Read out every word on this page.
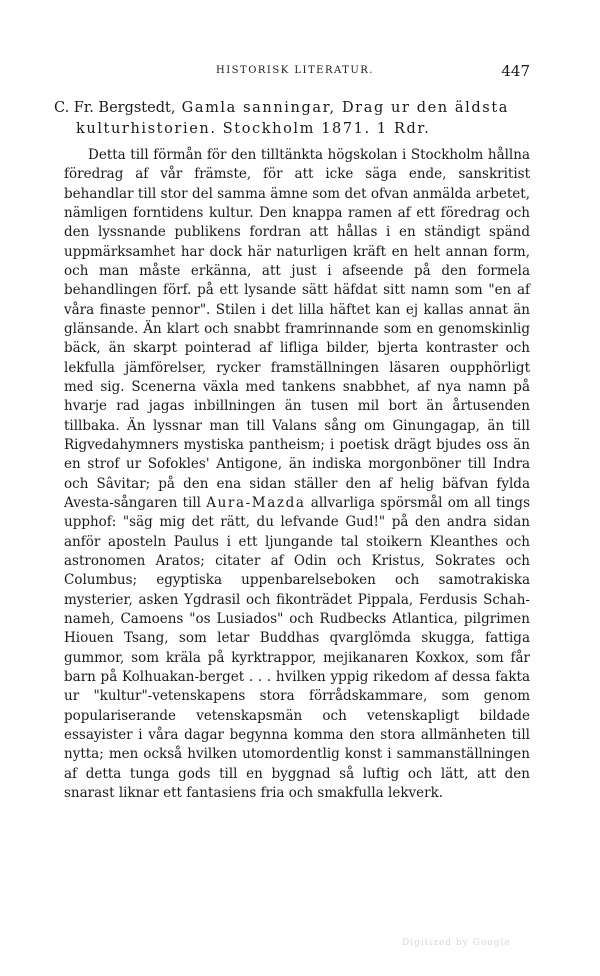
HISTORISK LITERATUR.	447

C. Fr. Bergstedt, Gamla sanningar, Drag ur den äldsta kulturhistorien. Stockholm 1871. 1 Rdr.

Detta till förmån för den tilltänkta högskolan i Stockholm hållna föredrag af vår främste, för att icke säga ende, sanskritist behandlar till stor del samma ämne som det ofvan anmälda arbetet, nämligen forntidens kultur. Den knappa ramen af ett föredrag och den lyssnande publikens fordran att hållas i en ständigt spänd uppmärksamhet har dock här naturligen kräft en helt annan form, och man måste erkänna, att just i afseende på den formela behandlingen förf. på ett lysande sätt häfdat sitt namn som "en af våra finaste pennor". Stilen i det lilla häftet kan ej kallas annat än glänsande. Än klart och snabbt framrinnande som en genomskinlig bäck, än skarpt pointerad af lifliga bilder, bjerta kontraster och lekfulla jämförelser, rycker framställningen läsaren oupphörligt med sig. Scenerna växla med tankens snabbhet, af nya namn på hvarje rad jagas inbillningen än tusen mil bort än årtusenden tillbaka. Än lyssnar man till Valans sång om Ginungagap, än till Rigvedahymners mystiska pantheism; i poetisk drägt bjudes oss än en strof ur Sofokles' Antigone, än indiska morgonböner till Indra och Sâvitar; på den ena sidan ställer den af helig bäfvan fylda Avesta-sångaren till Aura-Mazda allvarliga spörsmål om all tings upphof: "säg mig det rätt, du lefvande Gud!" på den andra sidan anför aposteln Paulus i ett ljungande tal stoikern Kleanthes och astronomen Aratos; citater af Odin och Kristus, Sokrates och Columbus; egyptiska uppenbarelseboken och samotrakiska mysterier, asken Ygdrasil och fikonträdet Pippala, Ferdusis Schah-nameh, Camoens "os Lusiados" och Rudbecks Atlantica, pilgrimen Hiouen Tsang, som letar Buddhas qvarglömda skugga, fattiga gummor, som kräla på kyrktrappor, mejikanaren Koxkox, som får barn på Kolhuakan-berget . . . hvilken yppig rikedom af dessa fakta ur "kultur"-vetenskapens stora förrådskammare, som genom populariserande vetenskapsmän och vetenskapligt bildade essayister i våra dagar begynna komma den stora allmänheten till nytta; men också hvilken utomordentlig konst i sammanställningen af detta tunga gods till en byggnad så luftig och lätt, att den snarast liknar ett fantasiens fria och smakfulla lekverk.

Digitized by Google
